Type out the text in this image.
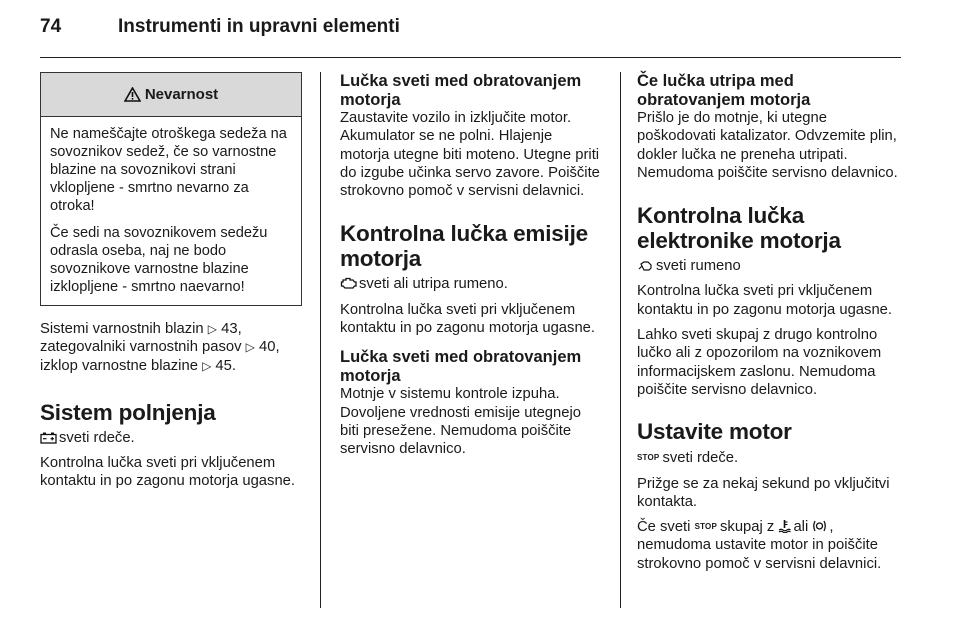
74	Instrumenti in upravni elementi
Nevarnost

Ne nameščajte otroškega sedeža na sovoznikov sedež, če so varnostne blazine na sovoznikovi strani vklopljene - smrtno nevarno za otroka!

Če sedi na sovoznikovem sedežu odrasla oseba, naj ne bodo sovoznikove varnostne blazine izklopljene - smrtno naevarno!

Sistemi varnostnih blazin ▷ 43,
zategovalniki varnostnih pasov ▷ 40,
izklop varnostne blazine ▷ 45.

Sistem polnjenja

sveti rdeče.

Kontrolna lučka sveti pri vključenem kontaktu in po zagonu motorja ugasne.

Lučka sveti med obratovanjem
motorja

Zaustavite vozilo in izključite motor. Akumulator se ne polni. Hlajenje motorja utegne biti moteno. Utegne priti do izgube učinka servo zavore. Poiščite strokovno pomoč v servisni delavnici.

Kontrolna lučka emisije
motorja

sveti ali utripa rumeno.

Kontrolna lučka sveti pri vključenem kontaktu in po zagonu motorja ugasne.

Lučka sveti med obratovanjem
motorja

Motnje v sistemu kontrole izpuha. Dovoljene vrednosti emisije utegnejo biti presežene. Nemudoma poiščite servisno delavnico.

Če lučka utripa med
obratovanjem motorja

Prišlo je do motnje, ki utegne poškodovati katalizator. Odvzemite plin, dokler lučka ne preneha utripati. Nemudoma poiščite servisno delavnico.

Kontrolna lučka
elektronike motorja

sveti rumeno

Kontrolna lučka sveti pri vključenem kontaktu in po zagonu motorja ugasne.

Lahko sveti skupaj z drugo kontrolno lučko ali z opozorilom na voznikovem informacijskem zaslonu. Nemudoma poiščite servisno delavnico.

Ustavite motor

STOP sveti rdeče.

Prižge se za nekaj sekund po vključitvi kontakta.

Če sveti STOP skupaj z ali ,
nemudoma ustavite motor in poiščite strokovno pomoč v servisni delavnici.
